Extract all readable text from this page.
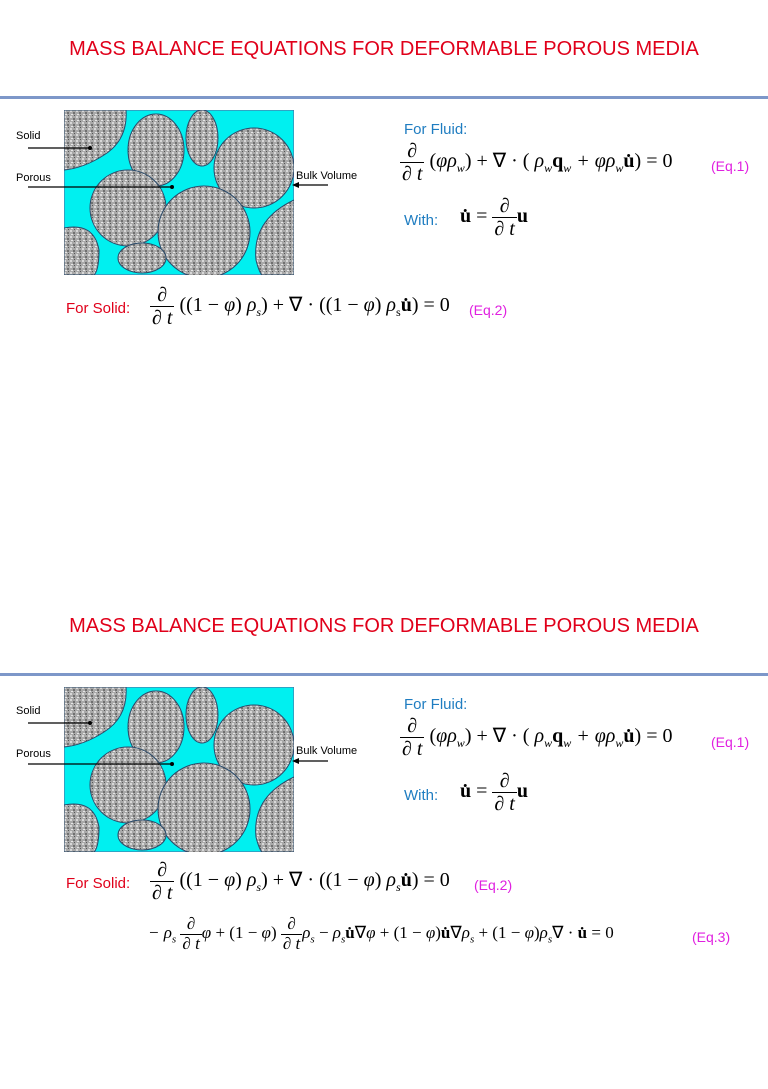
MASS BALANCE EQUATIONS FOR DEFORMABLE POROUS MEDIA
Solid
Porous	Bulk Volume
For Fluid:
∂
∂ t $(\varphi\rho_w)$ + ∇ · ( $\rho_wq_w$ + $\varphi\rho_wu̇) = 0$	(Eq.1)
With: u̇ = ∂
∂ tu
For Solid:
∂
∂ t ((1 − φ) $\rho_s$) + ∇ · ((1 − φ) $\rho_su̇) = 0$ (Eq.2)
MASS BALANCE EQUATIONS FOR DEFORMABLE POROUS MEDIA
Solid
Porous	Bulk Volume
For Fluid:
∂
∂ t $(\varphi\rho_w)$ + ∇ · ( $\rho_wq_w$ + $\varphi\rho_wu̇) = 0$	(Eq.1)
With: u̇ = ∂
∂ tu
For Solid:
∂
∂ t ((1 − φ) $\rho_s$) + ∇ · ((1 − φ) $\rho_su̇) = 0$ (Eq.2)
− $\rho_s$ ∂
∂ tφ + (1 − φ) ∂
∂ $t\rho_s$ − $\rho_su̇\nabla\varphi + (1$ − $\varphi)u̇\nabla\rho_s + (1 - \varphi)\rho_s\nabla$ · u̇ = 0	(Eq.3)
